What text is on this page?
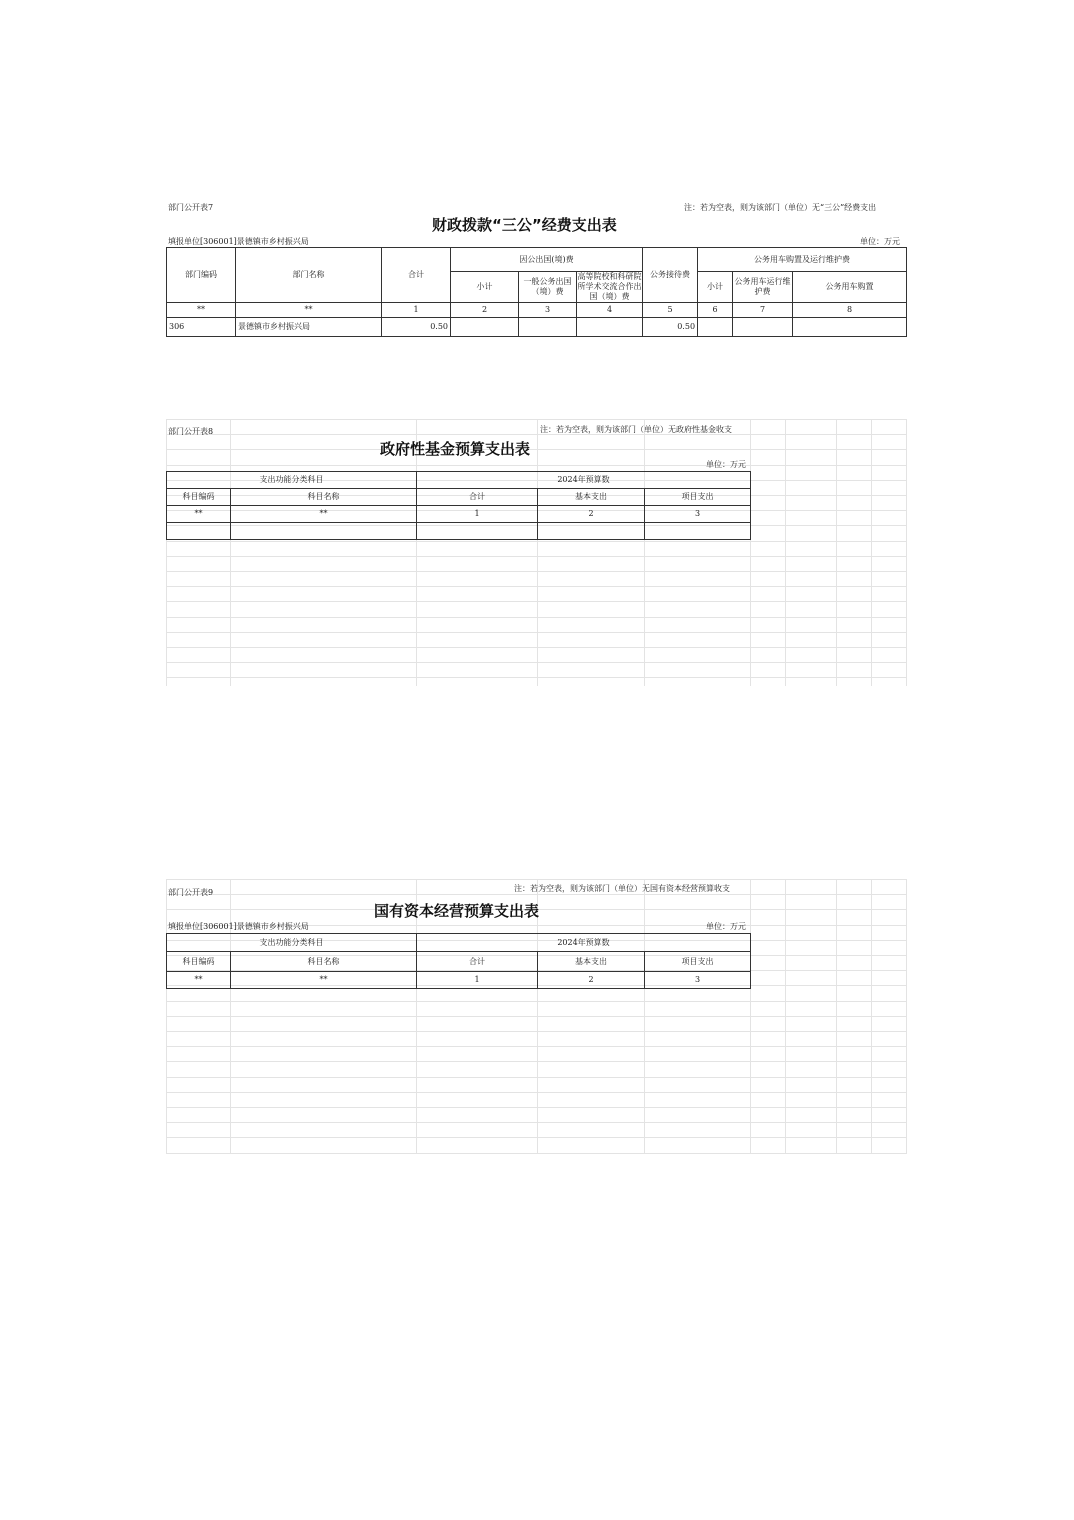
部门公开表7	注：若为空表，则为该部门（单位）无“三公”经费支出
财政拨款“三公”经费支出表
填报单位[306001]景德镇市乡村振兴局	单位：万元
部门编码	部门名称	合计	因公出国(境)费			公务接待费	公务用车购置及运行维护费		
			小计	一般公务出国（境）费	高等院校和科研院所学术交流合作出国（境）费		小计	公务用车运行维护费	公务用车购置
**	**	1	2	3	4	5	6	7	8
306	景德镇市乡村振兴局	0.50				0.50			
部门公开表8	注：若为空表，则为该部门（单位）无政府性基金收支
政府性基金预算支出表
单位：万元
支出功能分类科目		2024年预算数		
科目编码	科目名称	合计	基本支出	项目支出
**	**	1	2	3

部门公开表9	注：若为空表，则为该部门（单位）无国有资本经营预算收支
国有资本经营预算支出表
填报单位[306001]景德镇市乡村振兴局	单位：万元
支出功能分类科目		2024年预算数		
科目编码	科目名称	合计	基本支出	项目支出
**	**	1	2	3
